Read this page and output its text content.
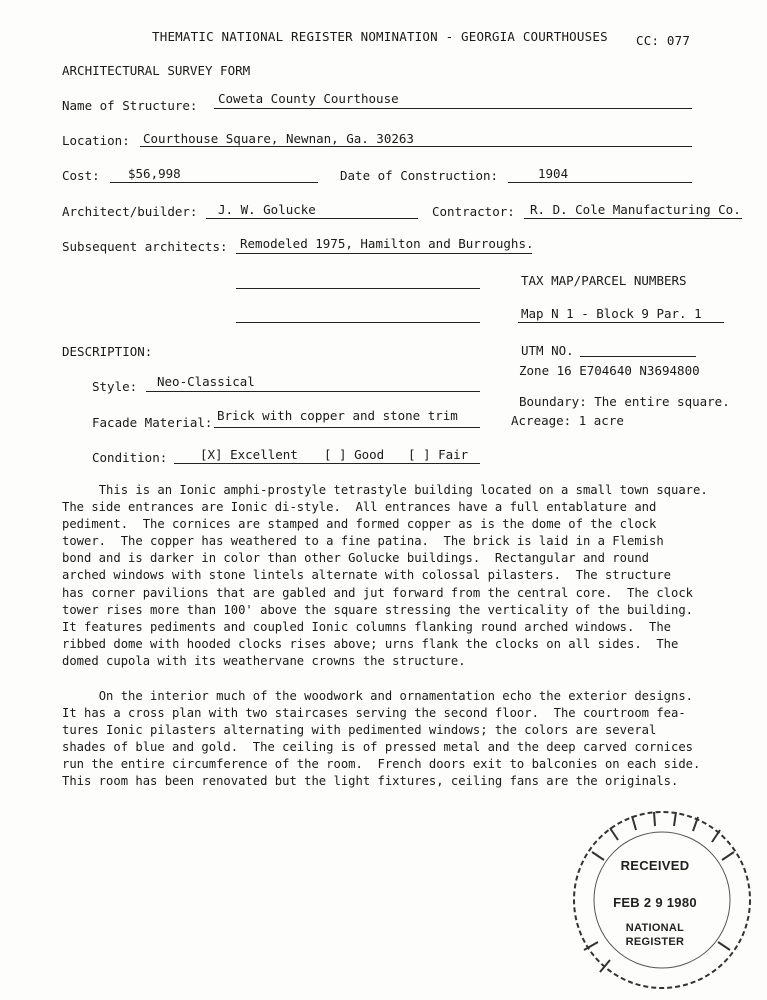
THEMATIC NATIONAL REGISTER NOMINATION - GEORGIA COURTHOUSES CC: 077
ARCHITECTURAL SURVEY FORM
Name of Structure: Coweta County Courthouse
Location: Courthouse Square, Newnan, Ga. 30263
Cost: $56,998	Date of Construction:	1904
Architect/builder: J. W. Golucke	Contractor: R. D. Cole Manufacturing Co.
Subsequent architects: Remodeled 1975, Hamilton and Burroughs.
TAX MAP/PARCEL NUMBERS
Map N 1 - Block 9 Par. 1
UTM NO.
Zone 16 E704640 N3694800
Boundary: The entire square.
Acreage: 1 acre
DESCRIPTION:
Style: Neo-Classical
Facade Material: Brick with copper and stone trim
Condition:	[X] Excellent [ ] Good [ ] Fair
This is an Ionic amphi-prostyle tetrastyle building located on a small town square.
The side entrances are Ionic di-style.  All entrances have a full entablature and
pediment.  The cornices are stamped and formed copper as is the dome of the clock
tower.  The copper has weathered to a fine patina.  The brick is laid in a Flemish
bond and is darker in color than other Golucke buildings.  Rectangular and round
arched windows with stone lintels alternate with colossal pilasters.  The structure
has corner pavilions that are gabled and jut forward from the central core.  The clock
tower rises more than 100' above the square stressing the verticality of the building.
It features pediments and coupled Ionic columns flanking round arched windows.  The
ribbed dome with hooded clocks rises above; urns flank the clocks on all sides.  The
domed cupola with its weathervane crowns the structure.
On the interior much of the woodwork and ornamentation echo the exterior designs.
It has a cross plan with two staircases serving the second floor.  The courtroom fea-
tures Ionic pilasters alternating with pedimented windows; the colors are several
shades of blue and gold.  The ceiling is of pressed metal and the deep carved cornices
run the entire circumference of the room.  French doors exit to balconies on each side.
This room has been renovated but the light fixtures, ceiling fans are the originals.
RECEIVED
FEB 2 9 1980
NATIONAL
REGISTER
